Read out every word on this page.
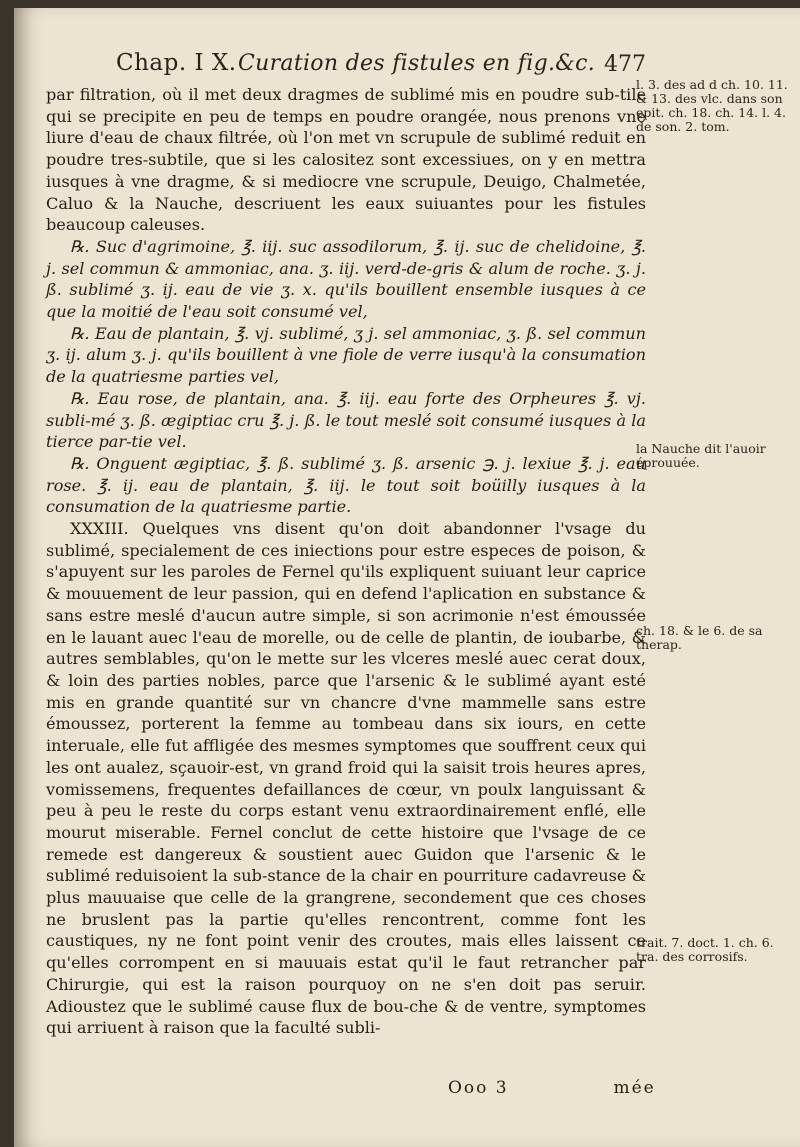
Chap. I X. Curation des fistules en fig.&c. 477

par filtration, où il met deux dragmes de sublimé mis en poudre sub-tile qui se precipite en peu de temps en poudre orangée, nous prenons vne liure d'eau de chaux filtrée, où l'on met vn scrupule de sublimé reduit en poudre tres-subtile, que si les calositez sont excessiues, on y en mettra iusques à vne dragme, & si mediocre vne scrupule, Deuigo, Chalmetée, Caluo & la Nauche, descriuent les eaux suiuantes pour les fistules beaucoup caleuses.

℞. Suc d'agrimoine, ℥. iij. suc assodilorum, ℥. ij. suc de chelidoine, ℥. j. sel commun & ammoniac, ana. ʒ. iij. verd-de-gris & alum de roche. ʒ. j. ß. sublimé ʒ. ij. eau de vie ʒ. x. qu'ils bouillent ensemble iusques à ce que la moitié de l'eau soit consumé vel,

℞. Eau de plantain, ℥. vj. sublimé, ʒ j. sel ammoniac, ʒ. ß. sel commun ʒ. ij. alum ʒ. j. qu'ils bouillent à vne fiole de verre iusqu'à la consumation de la quatriesme parties vel,

℞. Eau rose, de plantain, ana. ℥. iij. eau forte des Orpheures ℥. vj. subli-mé ʒ. ß. ægiptiac cru ℥. j. ß. le tout meslé soit consumé iusques à la tierce par-tie vel.

℞. Onguent ægiptiac, ℥. ß. sublimé ʒ. ß. arsenic ℈. j. lexiue ℥. j. eau rose. ℥. ij. eau de plantain, ℥. iij. le tout soit boüilly iusques à la consumation de la quatriesme partie.

XXXIII. Quelques vns disent qu'on doit abandonner l'vsage du sublimé, specialement de ces iniections pour estre especes de poison, & s'apuyent sur les paroles de Fernel qu'ils expliquent suiuant leur caprice & mouuement de leur passion, qui en defend l'aplication en substance & sans estre meslé d'aucun autre simple, si son acrimonie n'est émoussée en le lauant auec l'eau de morelle, ou de celle de plantin, de ioubarbe, & autres semblables, qu'on le mette sur les vlceres meslé auec cerat doux, & loin des parties nobles, parce que l'arsenic & le sublimé ayant esté mis en grande quantité sur vn chancre d'vne mammelle sans estre émoussez, porterent la femme au tombeau dans six iours, en cette interuale, elle fut affligée des mesmes symptomes que souffrent ceux qui les ont aualez, sçauoir-est, vn grand froid qui la saisit trois heures apres, vomissemens, frequentes defaillances de cœur, vn poulx languissant & peu à peu le reste du corps estant venu extraordinairement enflé, elle mourut miserable. Fernel conclut de cette histoire que l'vsage de ce remede est dangereux & soustient auec Guidon que l'arsenic & le sublimé reduisoient la sub-stance de la chair en pourriture cadavreuse & plus mauuaise que celle de la grangrene, secondement que ces choses ne bruslent pas la partie qu'elles rencontrent, comme font les caustiques, ny ne font point venir des croutes, mais elles laissent ce qu'elles corrompent en si mauuais estat qu'il le faut retrancher par Chirurgie, qui est la raison pourquoy on ne s'en doit pas seruir. Adioustez que le sublimé cause flux de bou-che & de ventre, symptomes qui arriuent à raison que la faculté subli-

l. 3. des ad d ch. 10. 11. & 13. des vlc. dans son epit. ch. 18. ch. 14. l. 4. de son. 2. tom.
la Nauche dit l'auoir éprouuée.
ch. 18. & le 6. de sa therap.
trait. 7. doct. 1. ch. 6. tra. des corrosifs.
Ooo 3	mée
